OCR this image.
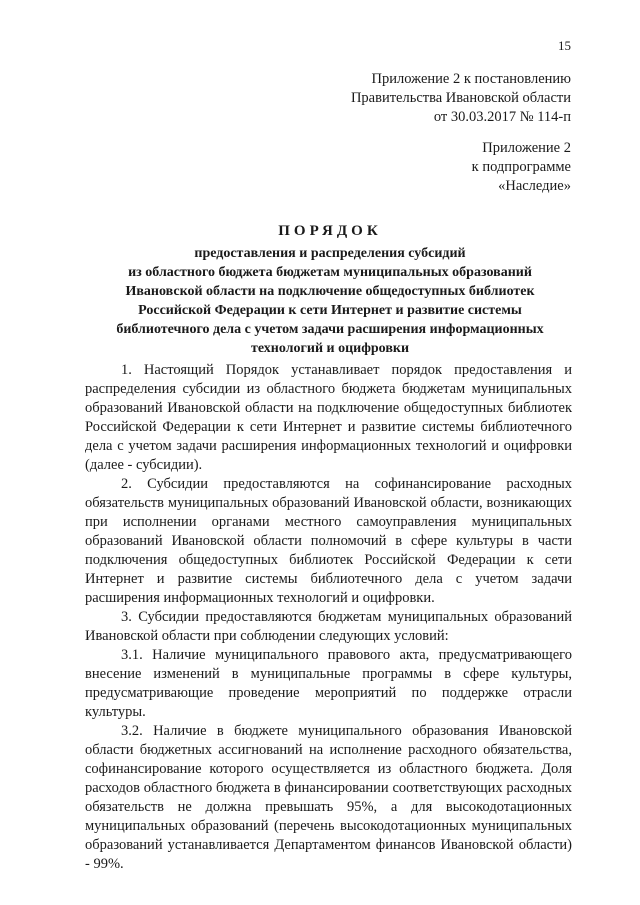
15
Приложение 2 к постановлению
Правительства Ивановской области
от 30.03.2017 № 114-п
Приложение 2
к подпрограмме
«Наследие»
ПОРЯДОК
предоставления и распределения субсидий
из областного бюджета бюджетам муниципальных образований
Ивановской области на подключение общедоступных библиотек
Российской Федерации к сети Интернет и развитие системы
библиотечного дела с учетом задачи расширения информационных
технологий и оцифровки

1. Настоящий Порядок устанавливает порядок предоставления и распределения субсидии из областного бюджета бюджетам муниципальных образований Ивановской области на подключение общедоступных библиотек Российской Федерации к сети Интернет и развитие системы библиотечного дела с учетом задачи расширения информационных технологий и оцифровки (далее - субсидии).

2. Субсидии предоставляются на софинансирование расходных обязательств муниципальных образований Ивановской области, возникающих при исполнении органами местного самоуправления муниципальных образований Ивановской области полномочий в сфере культуры в части подключения общедоступных библиотек Российской Федерации к сети Интернет и развитие системы библиотечного дела с учетом задачи расширения информационных технологий и оцифровки.

3. Субсидии предоставляются бюджетам муниципальных образований Ивановской области при соблюдении следующих условий:

3.1. Наличие муниципального правового акта, предусматривающего внесение изменений в муниципальные программы в сфере культуры, предусматривающие проведение мероприятий по поддержке отрасли культуры.

3.2. Наличие в бюджете муниципального образования Ивановской области бюджетных ассигнований на исполнение расходного обязательства, софинансирование которого осуществляется из областного бюджета. Доля расходов областного бюджета в финансировании соответствующих расходных обязательств не должна превышать 95%, а для высокодотационных муниципальных образований (перечень высокодотационных муниципальных образований устанавливается Департаментом финансов Ивановской области) - 99%.
